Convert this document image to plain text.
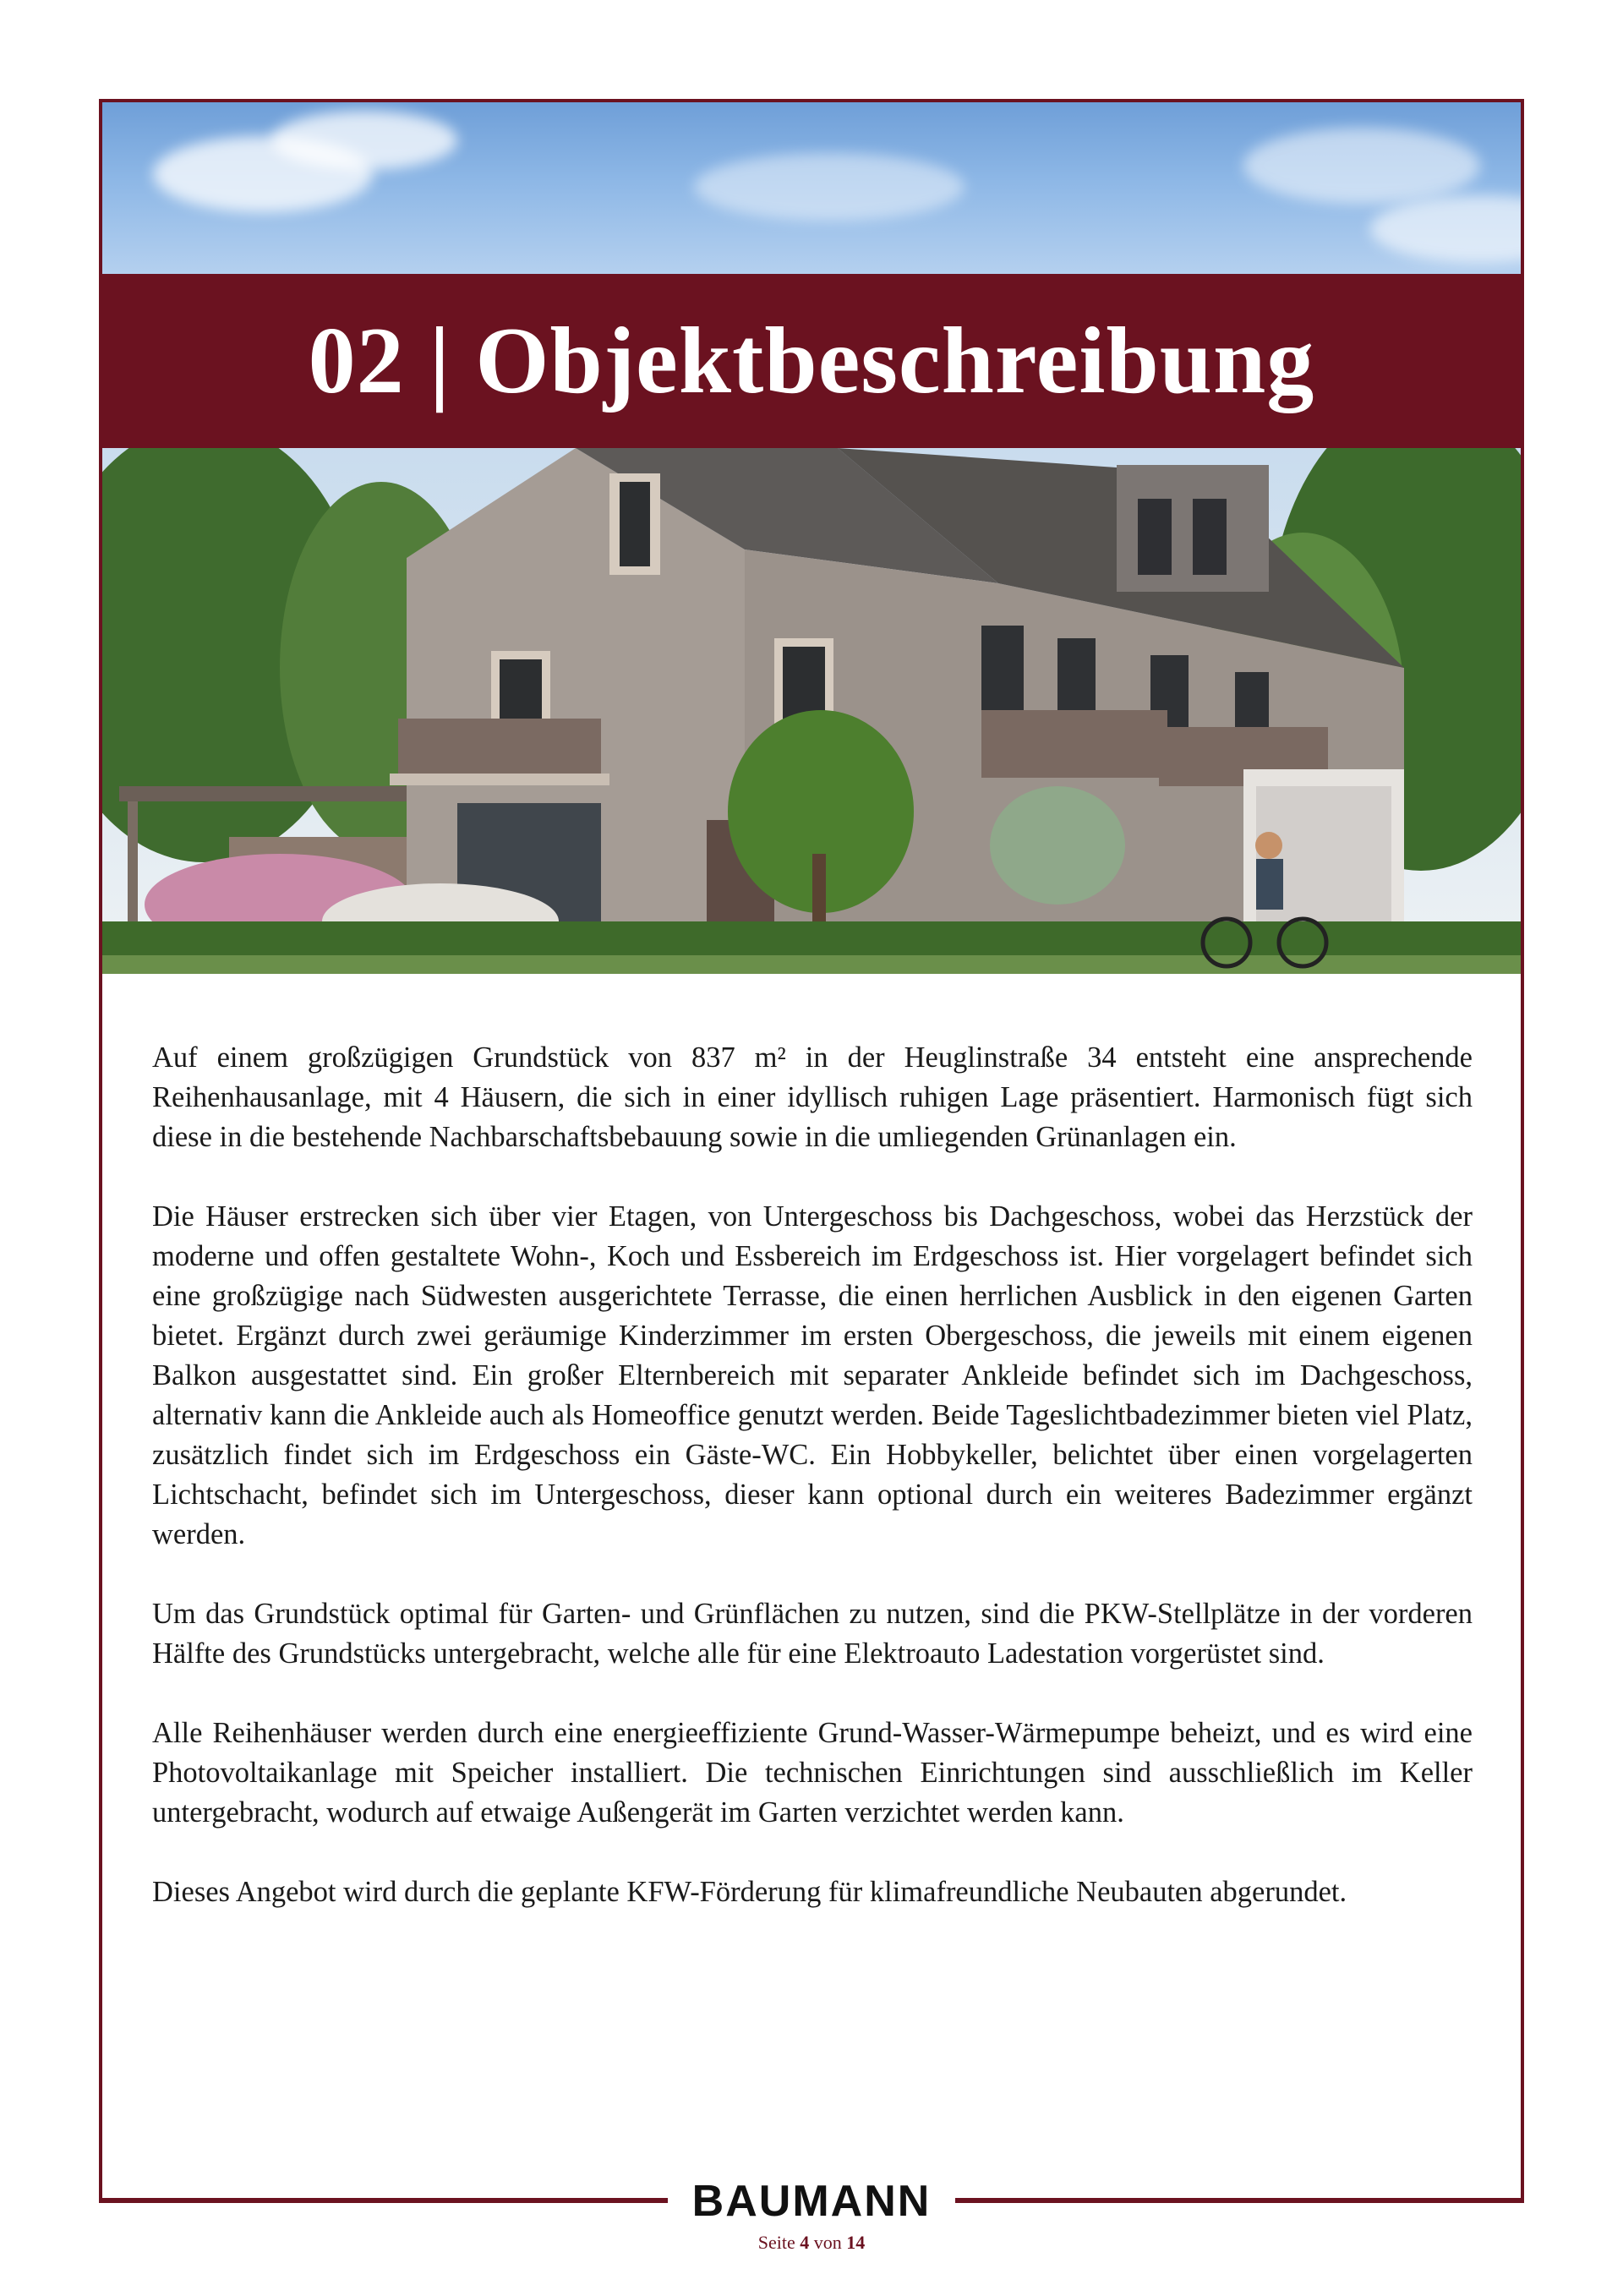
02 | Objektbeschreibung

Auf einem großzügigen Grundstück von 837 m² in der Heuglinstraße 34 entsteht eine ansprechende Reihenhausanlage, mit 4 Häusern, die sich in einer idyllisch ruhigen Lage präsentiert. Harmonisch fügt sich diese in die bestehende Nachbarschaftsbebauung sowie in die umliegenden Grünanlagen ein.

Die Häuser erstrecken sich über vier Etagen, von Untergeschoss bis Dachgeschoss, wobei das Herzstück der moderne und offen gestaltete Wohn-, Koch und Essbereich im Erdgeschoss ist. Hier vorgelagert befindet sich eine großzügige nach Südwesten ausgerichtete Terrasse, die einen herrlichen Ausblick in den eigenen Garten bietet. Ergänzt durch zwei geräumige Kinderzimmer im ersten Obergeschoss, die jeweils mit einem eigenen Balkon ausgestattet sind. Ein großer Elternbereich mit separater Ankleide befindet sich im Dachgeschoss, alternativ kann die Ankleide auch als Homeoffice genutzt werden. Beide Tageslichtbadezimmer bieten viel Platz, zusätzlich findet sich im Erdgeschoss ein Gäste-WC. Ein Hobbykeller, belichtet über einen vorgelagerten Lichtschacht, befindet sich im Untergeschoss, dieser kann optional durch ein weiteres Badezimmer ergänzt werden.

Um das Grundstück optimal für Garten- und Grünflächen zu nutzen, sind die PKW-Stellplätze in der vorderen Hälfte des Grundstücks untergebracht, welche alle für eine Elektroauto Ladestation vorgerüstet sind.

Alle Reihenhäuser werden durch eine energieeffiziente Grund-Wasser-Wärmepumpe beheizt, und es wird eine Photovoltaikanlage mit Speicher installiert. Die technischen Einrichtungen sind ausschließlich im Keller untergebracht, wodurch auf etwaige Außengerät im Garten verzichtet werden kann.

Dieses Angebot wird durch die geplante KFW-Förderung für klimafreundliche Neubauten abgerundet.

BAUMANN
Seite 4 von 14
